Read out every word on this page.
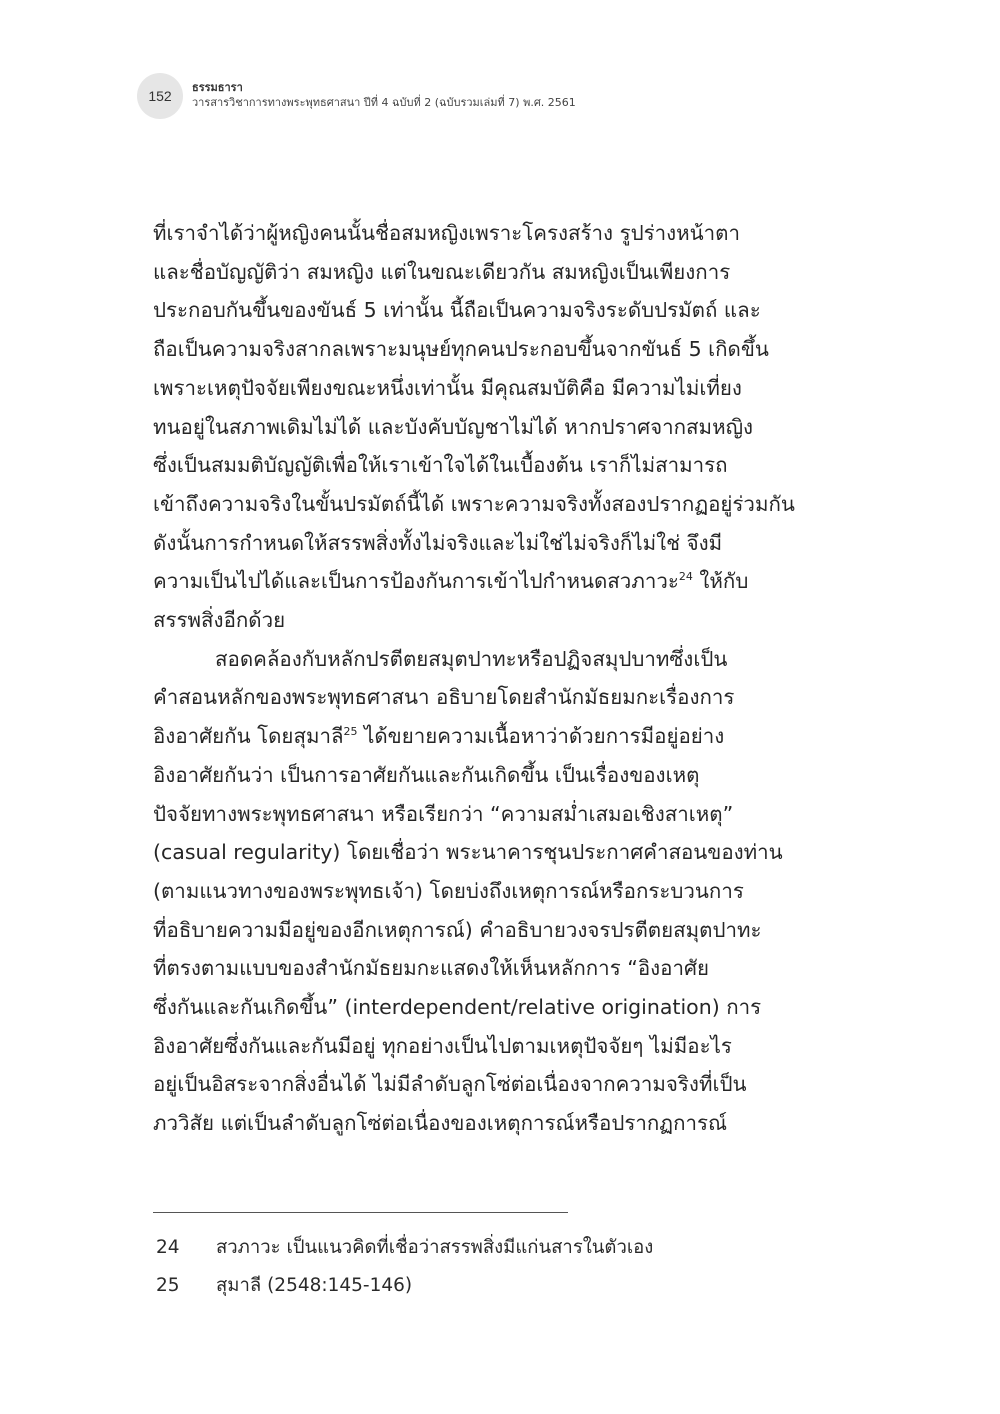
152
ธรรมธารา
วารสารวิชาการทางพระพุทธศาสนา ปีที่ 4 ฉบับที่ 2 (ฉบับรวมเล่มที่ 7) พ.ศ. 2561

ที่เราจำได้ว่าผู้หญิงคนนั้นชื่อสมหญิงเพราะโครงสร้าง รูปร่างหน้าตา
และชื่อบัญญัติว่า สมหญิง แต่ในขณะเดียวกัน สมหญิงเป็นเพียงการ
ประกอบกันขึ้นของขันธ์ 5 เท่านั้น นี้ถือเป็นความจริงระดับปรมัตถ์ และ
ถือเป็นความจริงสากลเพราะมนุษย์ทุกคนประกอบขึ้นจากขันธ์ 5 เกิดขึ้น
เพราะเหตุปัจจัยเพียงขณะหนึ่งเท่านั้น มีคุณสมบัติคือ มีความไม่เที่ยง
ทนอยู่ในสภาพเดิมไม่ได้ และบังคับบัญชาไม่ได้ หากปราศจากสมหญิง
ซึ่งเป็นสมมติบัญญัติเพื่อให้เราเข้าใจได้ในเบื้องต้น เราก็ไม่สามารถ
เข้าถึงความจริงในขั้นปรมัตถ์นี้ได้ เพราะความจริงทั้งสองปรากฏอยู่ร่วมกัน
ดังนั้นการกำหนดให้สรรพสิ่งทั้งไม่จริงและไม่ใช่ไม่จริงก็ไม่ใช่ จึงมี
ความเป็นไปได้และเป็นการป้องกันการเข้าไปกำหนดสวภาวะ$^{24}$ ให้กับ
สรรพสิ่งอีกด้วย

สอดคล้องกับหลักปรตีตยสมุตปาทะหรือปฏิจสมุปบาทซึ่งเป็น
คำสอนหลักของพระพุทธศาสนา อธิบายโดยสำนักมัธยมกะเรื่องการ
อิงอาศัยกัน โดยสุมาลี$^{25}$ ได้ขยายความเนื้อหาว่าด้วยการมีอยู่อย่าง
อิงอาศัยกันว่า เป็นการอาศัยกันและกันเกิดขึ้น เป็นเรื่องของเหตุ
ปัจจัยทางพระพุทธศาสนา หรือเรียกว่า “ความสม่ำเสมอเชิงสาเหตุ”
(casual regularity) โดยเชื่อว่า พระนาคารชุนประกาศคำสอนของท่าน
(ตามแนวทางของพระพุทธเจ้า) โดยบ่งถึงเหตุการณ์หรือกระบวนการ
ที่อธิบายความมีอยู่ของอีกเหตุการณ์) คำอธิบายวงจรปรตีตยสมุตปาทะ
ที่ตรงตามแบบของสำนักมัธยมกะแสดงให้เห็นหลักการ “อิงอาศัย
ซึ่งกันและกันเกิดขึ้น” (interdependent/relative origination) การ
อิงอาศัยซึ่งกันและกันมีอยู่ ทุกอย่างเป็นไปตามเหตุปัจจัยๆ ไม่มีอะไร
อยู่เป็นอิสระจากสิ่งอื่นได้ ไม่มีลำดับลูกโซ่ต่อเนื่องจากความจริงที่เป็น
ภววิสัย แต่เป็นลำดับลูกโซ่ต่อเนื่องของเหตุการณ์หรือปรากฏการณ์

24	สวภาวะ เป็นแนวคิดที่เชื่อว่าสรรพสิ่งมีแก่นสารในตัวเอง
25	สุมาลี (2548:145-146)
